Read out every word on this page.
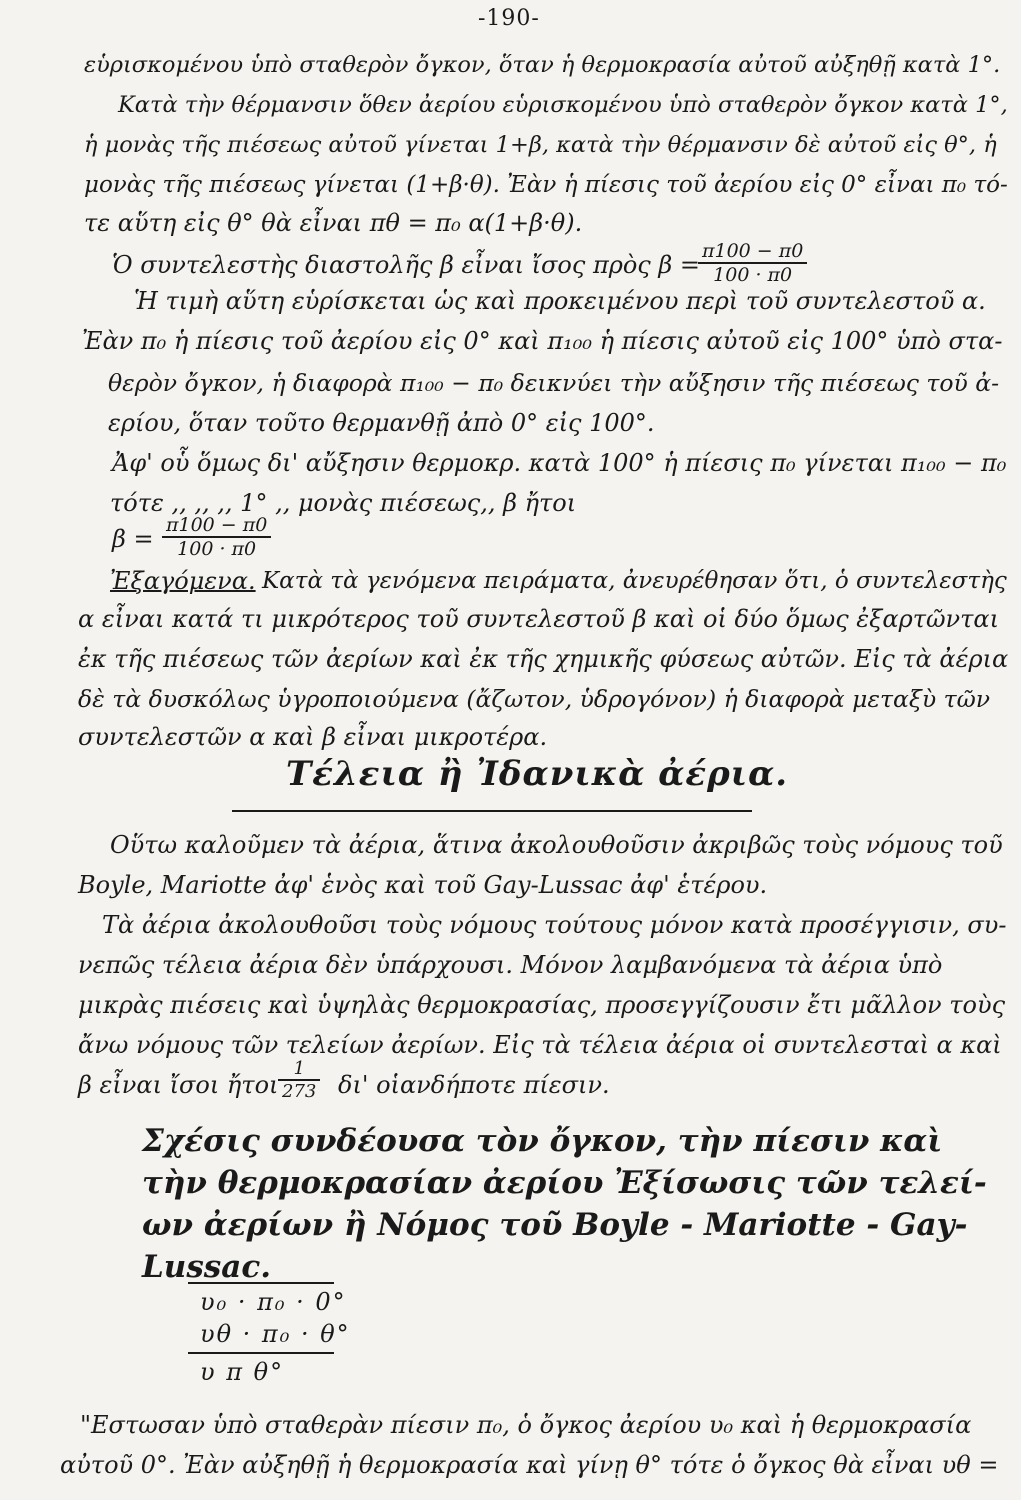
-190-
εὑρισκομένου ὑπὸ σταθερὸν ὄγκον, ὅταν ἡ θερμοκρασία αὐτοῦ αὐξηθῇ κατὰ 1°.
Κατὰ τὴν θέρμανσιν ὅθεν ἀερίου εὑρισκομένου ὑπὸ σταθερὸν ὄγκον κατὰ 1°,
ἡ μονὰς τῆς πιέσεως αὐτοῦ γίνεται 1+β, κατὰ τὴν θέρμανσιν δὲ αὐτοῦ εἰς θ°, ἡ
μονὰς τῆς πιέσεως γίνεται (1+β·θ). Ἐὰν ἡ πίεσις τοῦ ἀερίου εἰς 0° εἶναι π₀ τό-
τε αὕτη εἰς θ° θὰ εἶναι πθ = π₀ α(1+β·θ).
Ὁ συντελεστὴς διαστολῆς β εἶναι ἴσος πρὸς β =
$\frac{\pi 100 - \pi 0}{100 \cdot \pi 0}$
Ἡ τιμὴ αὕτη εὑρίσκεται ὡς καὶ προκειμένου περὶ τοῦ συντελεστοῦ α.
Ἐὰν π₀ ἡ πίεσις τοῦ ἀερίου εἰς 0° καὶ π₁₀₀ ἡ πίεσις αὐτοῦ εἰς 100° ὑπὸ στα-
θερὸν ὄγκον, ἡ διαφορὰ π₁₀₀ − π₀ δεικνύει τὴν αὔξησιν τῆς πιέσεως τοῦ ἀ-
ερίου, ὅταν τοῦτο θερμανθῇ ἀπὸ 0° εἰς 100°.
Ἀφ' οὗ ὅμως δι' αὔξησιν θερμοκρ. κατὰ 100° ἡ πίεσις π₀ γίνεται π₁₀₀ − π₀
τότε ,, ,, ,, 1° ,, μονὰς πιέσεως,, β ἤτοι
$\beta = \frac{\pi 100 - \pi 0}{100 \cdot \pi 0}$
Ἐξαγόμενα. Κατὰ τὰ γενόμενα πειράματα, ἀνευρέθησαν ὅτι, ὁ συντελεστὴς
α εἶναι κατά τι μικρότερος τοῦ συντελεστοῦ β καὶ οἱ δύο ὅμως ἐξαρτῶνται
ἐκ τῆς πιέσεως τῶν ἀερίων καὶ ἐκ τῆς χημικῆς φύσεως αὐτῶν. Εἰς τὰ ἀέρια
δὲ τὰ δυσκόλως ὑγροποιούμενα (ἄζωτον, ὑδρογόνον) ἡ διαφορὰ μεταξὺ τῶν
συντελεστῶν α καὶ β εἶναι μικροτέρα.
Τέλεια ἢ Ἰδανικὰ ἀέρια.
Οὕτω καλοῦμεν τὰ ἀέρια, ἅτινα ἀκολουθοῦσιν ἀκριβῶς τοὺς νόμους τοῦ
Boyle, Mariotte ἀφ' ἑνὸς καὶ τοῦ Gay-Lussac ἀφ' ἑτέρου.
Τὰ ἀέρια ἀκολουθοῦσι τοὺς νόμους τούτους μόνον κατὰ προσέγγισιν, συ-
νεπῶς τέλεια ἀέρια δὲν ὑπάρχουσι. Μόνον λαμβανόμενα τὰ ἀέρια ὑπὸ
μικρὰς πιέσεις καὶ ὑψηλὰς θερμοκρασίας, προσεγγίζουσιν ἔτι μᾶλλον τοὺς
ἄνω νόμους τῶν τελείων ἀερίων. Εἰς τὰ τέλεια ἀέρια οἱ συντελεσταὶ α καὶ
β εἶναι ἴσοι ἤτοι $\frac{1}{273} \delta\iota'$ οἱανδήποτε πίεσιν.
Σχέσις συνδέουσα τὸν ὄγκον, τὴν πίεσιν καὶ
τὴν θερμοκρασίαν ἀερίου Ἐξίσωσις τῶν τελεί-
ων ἀερίων ἢ Νόμος τοῦ Boyle - Mariotte - Gay-
Lussac.
υ₀ · π₀ · 0°
υθ · π₀ · θ°
υ π θ°
"Εστωσαν ὑπὸ σταθερὰν πίεσιν π₀, ὁ ὄγκος ἀερίου υ₀ καὶ ἡ θερμοκρασία
αὐτοῦ 0°. Ἐὰν αὐξηθῇ ἡ θερμοκρασία καὶ γίνῃ θ° τότε ὁ ὄγκος θὰ εἶναι υθ =
